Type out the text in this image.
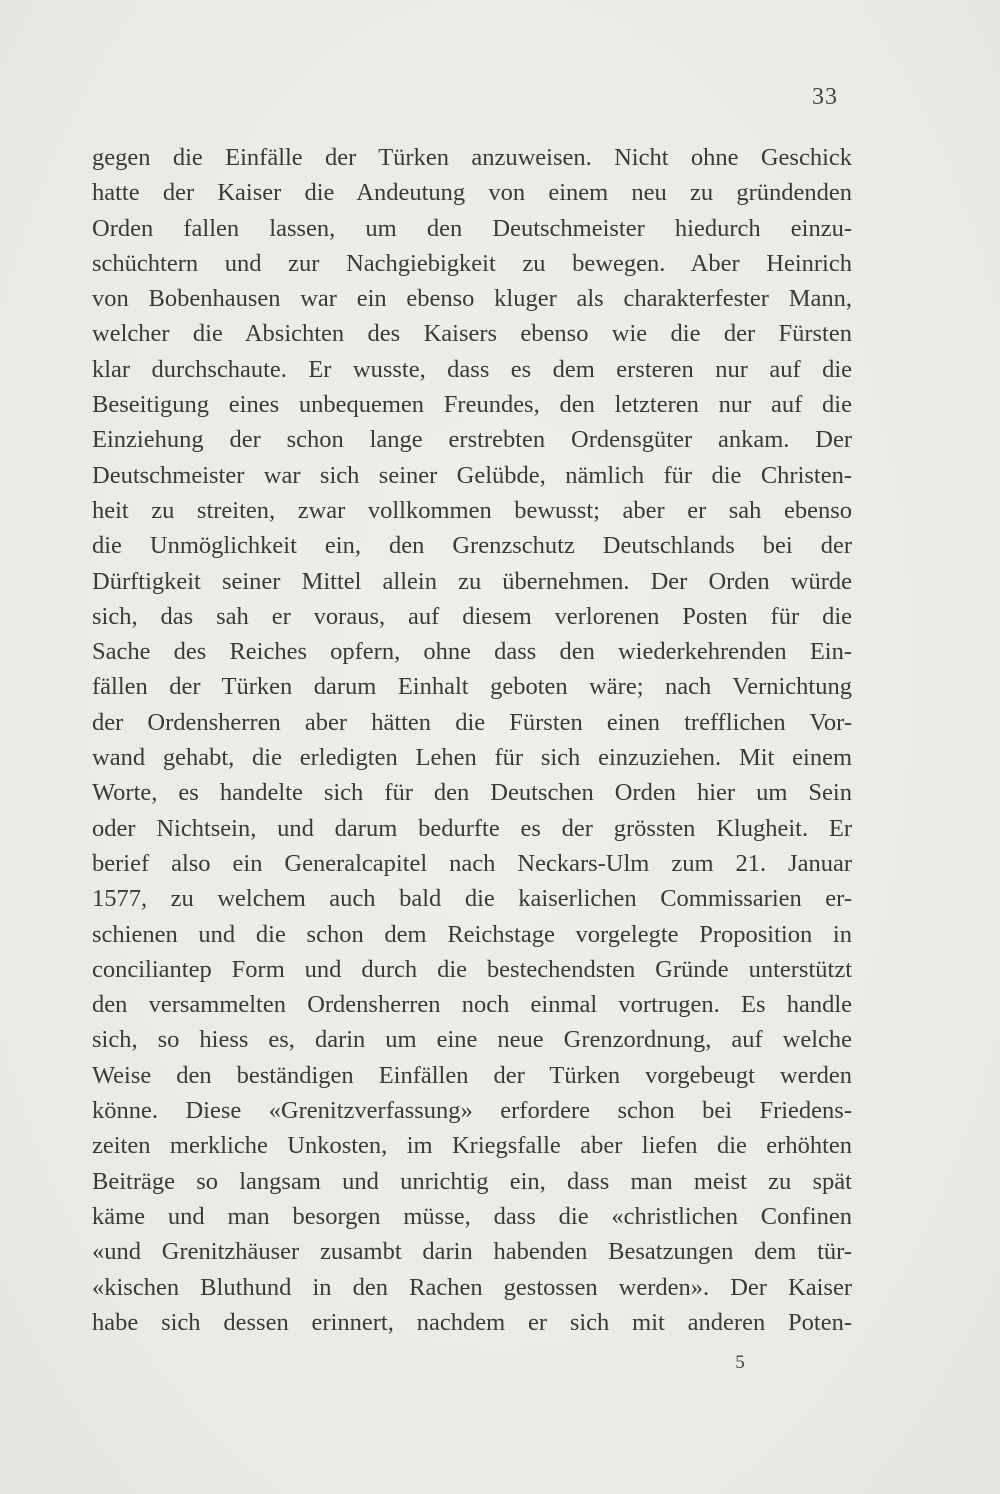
33
gegen die Einfälle der Türken anzuweisen. Nicht ohne Geschick
hatte der Kaiser die Andeutung von einem neu zu gründenden
Orden fallen lassen, um den Deutschmeister hiedurch einzu-
schüchtern und zur Nachgiebigkeit zu bewegen. Aber Heinrich
von Bobenhausen war ein ebenso kluger als charakterfester Mann,
welcher die Absichten des Kaisers ebenso wie die der Fürsten
klar durchschaute. Er wusste, dass es dem ersteren nur auf die
Beseitigung eines unbequemen Freundes, den letzteren nur auf die
Einziehung der schon lange erstrebten Ordensgüter ankam. Der
Deutschmeister war sich seiner Gelübde, nämlich für die Christen-
heit zu streiten, zwar vollkommen bewusst; aber er sah ebenso
die Unmöglichkeit ein, den Grenzschutz Deutschlands bei der
Dürftigkeit seiner Mittel allein zu übernehmen. Der Orden würde
sich, das sah er voraus, auf diesem verlorenen Posten für die
Sache des Reiches opfern, ohne dass den wiederkehrenden Ein-
fällen der Türken darum Einhalt geboten wäre; nach Vernichtung
der Ordensherren aber hätten die Fürsten einen trefflichen Vor-
wand gehabt, die erledigten Lehen für sich einzuziehen. Mit einem
Worte, es handelte sich für den Deutschen Orden hier um Sein
oder Nichtsein, und darum bedurfte es der grössten Klugheit. Er
berief also ein Generalcapitel nach Neckars-Ulm zum 21. Januar
1577, zu welchem auch bald die kaiserlichen Commissarien er-
schienen und die schon dem Reichstage vorgelegte Proposition in
conciliantер Form und durch die bestechendsten Gründe unterstützt
den versammelten Ordensherren noch einmal vortrugen. Es handle
sich, so hiess es, darin um eine neue Grenzordnung, auf welche
Weise den beständigen Einfällen der Türken vorgebeugt werden
könne. Diese «Grenitzverfassung» erfordere schon bei Friedens-
zeiten merkliche Unkosten, im Kriegsfalle aber liefen die erhöhten
Beiträge so langsam und unrichtig ein, dass man meist zu spät
käme und man besorgen müsse, dass die «christlichen Confinen
«und Grenitzhäuser zusambt darin habenden Besatzungen dem tür-
«kischen Bluthund in den Rachen gestossen werden». Der Kaiser
habe sich dessen erinnert, nachdem er sich mit anderen Poten-
5
